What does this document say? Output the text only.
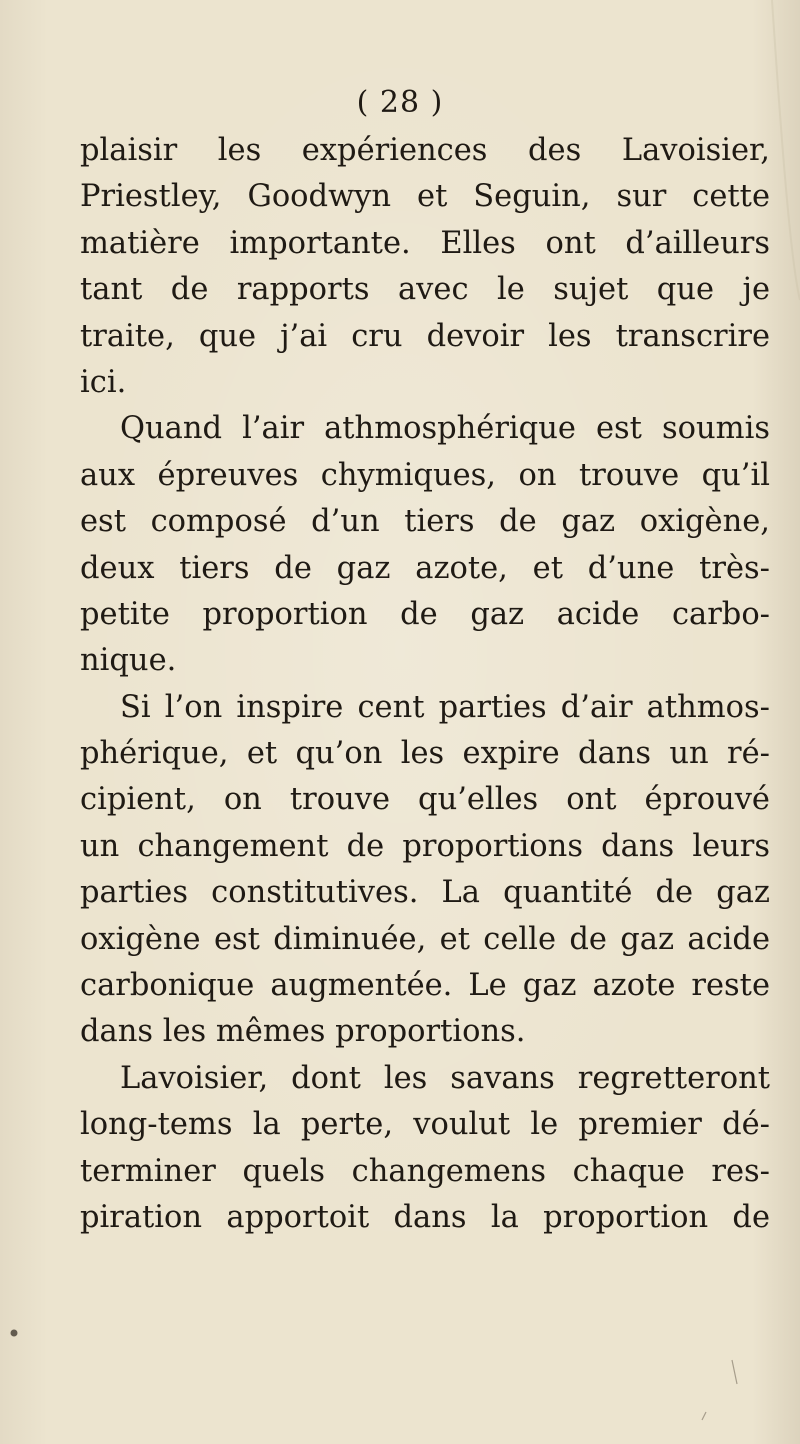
( 28 )
plaisir les expériences des Lavoisier,
Priestley, Goodwyn et Seguin, sur cette
matière importante. Elles ont d’ailleurs
tant de rapports avec le sujet que je
traite, que j’ai cru devoir les transcrire
ici.
Quand l’air athmosphérique est soumis
aux épreuves chymiques, on trouve qu’il
est composé d’un tiers de gaz oxigène,
deux tiers de gaz azote, et d’une très-
petite proportion de gaz acide carbo-
nique.
Si l’on inspire cent parties d’air athmos-
phérique, et qu’on les expire dans un ré-
cipient, on trouve qu’elles ont éprouvé
un changement de proportions dans leurs
parties constitutives. La quantité de gaz
oxigène est diminuée, et celle de gaz acide
carbonique augmentée. Le gaz azote reste
dans les mêmes proportions.
Lavoisier, dont les savans regretteront
long-tems la perte, voulut le premier dé-
terminer quels changemens chaque res-
piration apportoit dans la proportion de
